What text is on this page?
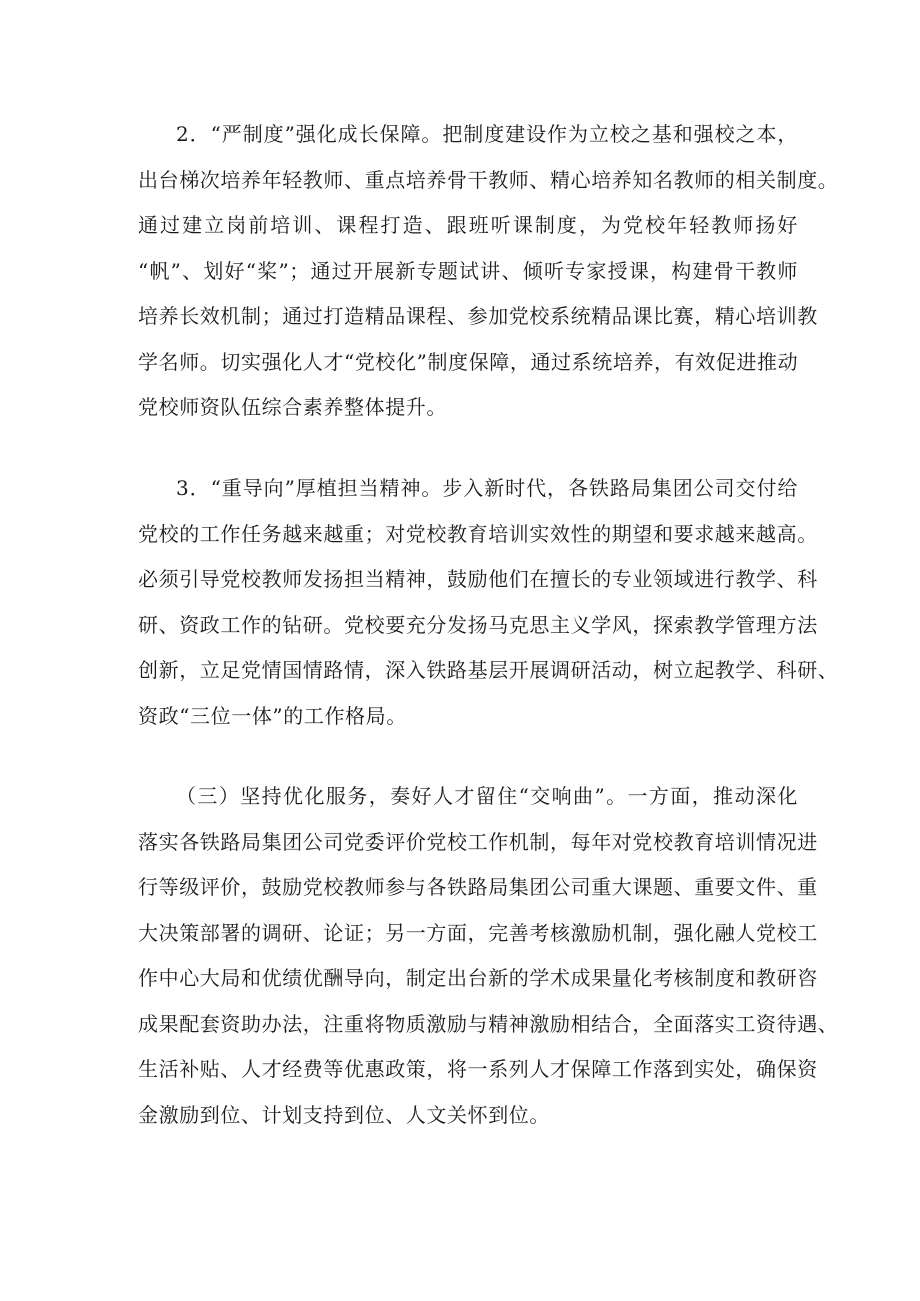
2．“严制度”强化成长保障。把制度建设作为立校之基和强校之本，
出台梯次培养年轻教师、重点培养骨干教师、精心培养知名教师的相关制度。
通过建立岗前培训、课程打造、跟班听课制度，为党校年轻教师扬好
“帆”、划好“桨”；通过开展新专题试讲、倾听专家授课，构建骨干教师
培养长效机制；通过打造精品课程、参加党校系统精品课比赛，精心培训教
学名师。切实强化人才“党校化”制度保障，通过系统培养，有效促进推动
党校师资队伍综合素养整体提升。
3．“重导向”厚植担当精神。步入新时代，各铁路局集团公司交付给
党校的工作任务越来越重；对党校教育培训实效性的期望和要求越来越高。
必须引导党校教师发扬担当精神，鼓励他们在擅长的专业领域进行教学、科
研、资政工作的钻研。党校要充分发扬马克思主义学风，探索教学管理方法
创新，立足党情国情路情，深入铁路基层开展调研活动，树立起教学、科研、
资政“三位一体”的工作格局。
（三）坚持优化服务，奏好人才留住“交响曲”。一方面，推动深化
落实各铁路局集团公司党委评价党校工作机制，每年对党校教育培训情况进
行等级评价，鼓励党校教师参与各铁路局集团公司重大课题、重要文件、重
大决策部署的调研、论证；另一方面，完善考核激励机制，强化融人党校工
作中心大局和优绩优酬导向，制定出台新的学术成果量化考核制度和教研咨
成果配套资助办法，注重将物质激励与精神激励相结合，全面落实工资待遇、
生活补贴、人才经费等优惠政策，将一系列人才保障工作落到实处，确保资
金激励到位、计划支持到位、人文关怀到位。
